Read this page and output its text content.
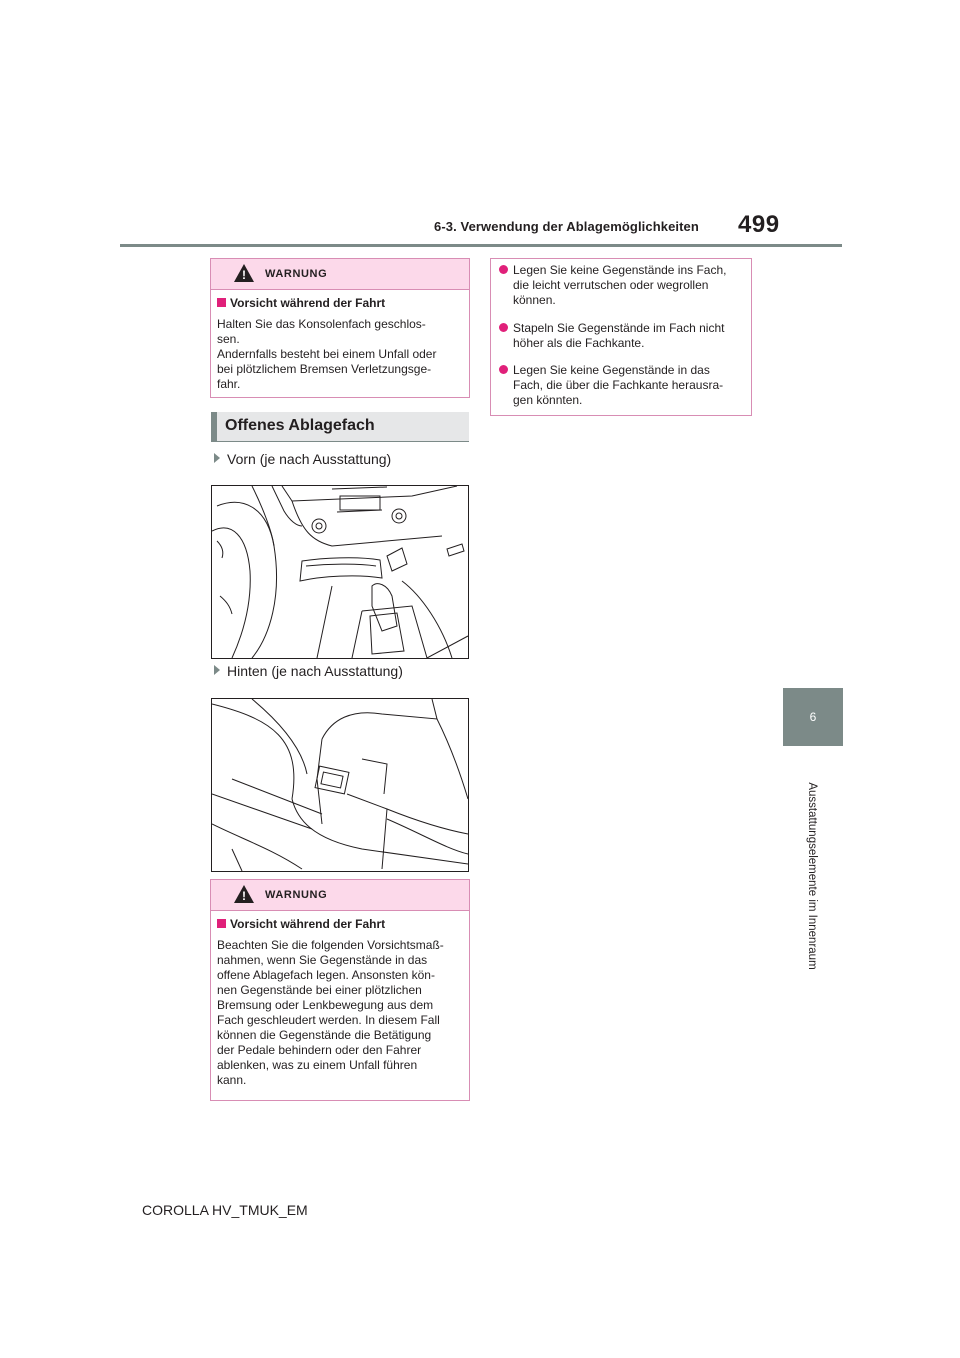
6-3. Verwendung der Ablagemöglichkeiten 499
6
Ausstattungselemente im Innenraum
!
WARNUNG
Vorsicht während der Fahrt
Halten Sie das Konsolenfach geschlos-
sen.
Andernfalls besteht bei einem Unfall oder
bei plötzlichem Bremsen Verletzungsge-
fahr.
Offenes Ablagefach
Vorn (je nach Ausstattung)
Hinten (je nach Ausstattung)
!
WARNUNG
Vorsicht während der Fahrt
Beachten Sie die folgenden Vorsichtsmaß-
nahmen, wenn Sie Gegenstände in das
offene Ablagefach legen. Ansonsten kön-
nen Gegenstände bei einer plötzlichen
Bremsung oder Lenkbewegung aus dem
Fach geschleudert werden. In diesem Fall
können die Gegenstände die Betätigung
der Pedale behindern oder den Fahrer
ablenken, was zu einem Unfall führen
kann.
Legen Sie keine Gegenstände ins Fach,
die leicht verrutschen oder wegrollen
können.
Stapeln Sie Gegenstände im Fach nicht
höher als die Fachkante.
Legen Sie keine Gegenstände in das
Fach, die über die Fachkante herausra-
gen könnten.
COROLLA HV_TMUK_EM
